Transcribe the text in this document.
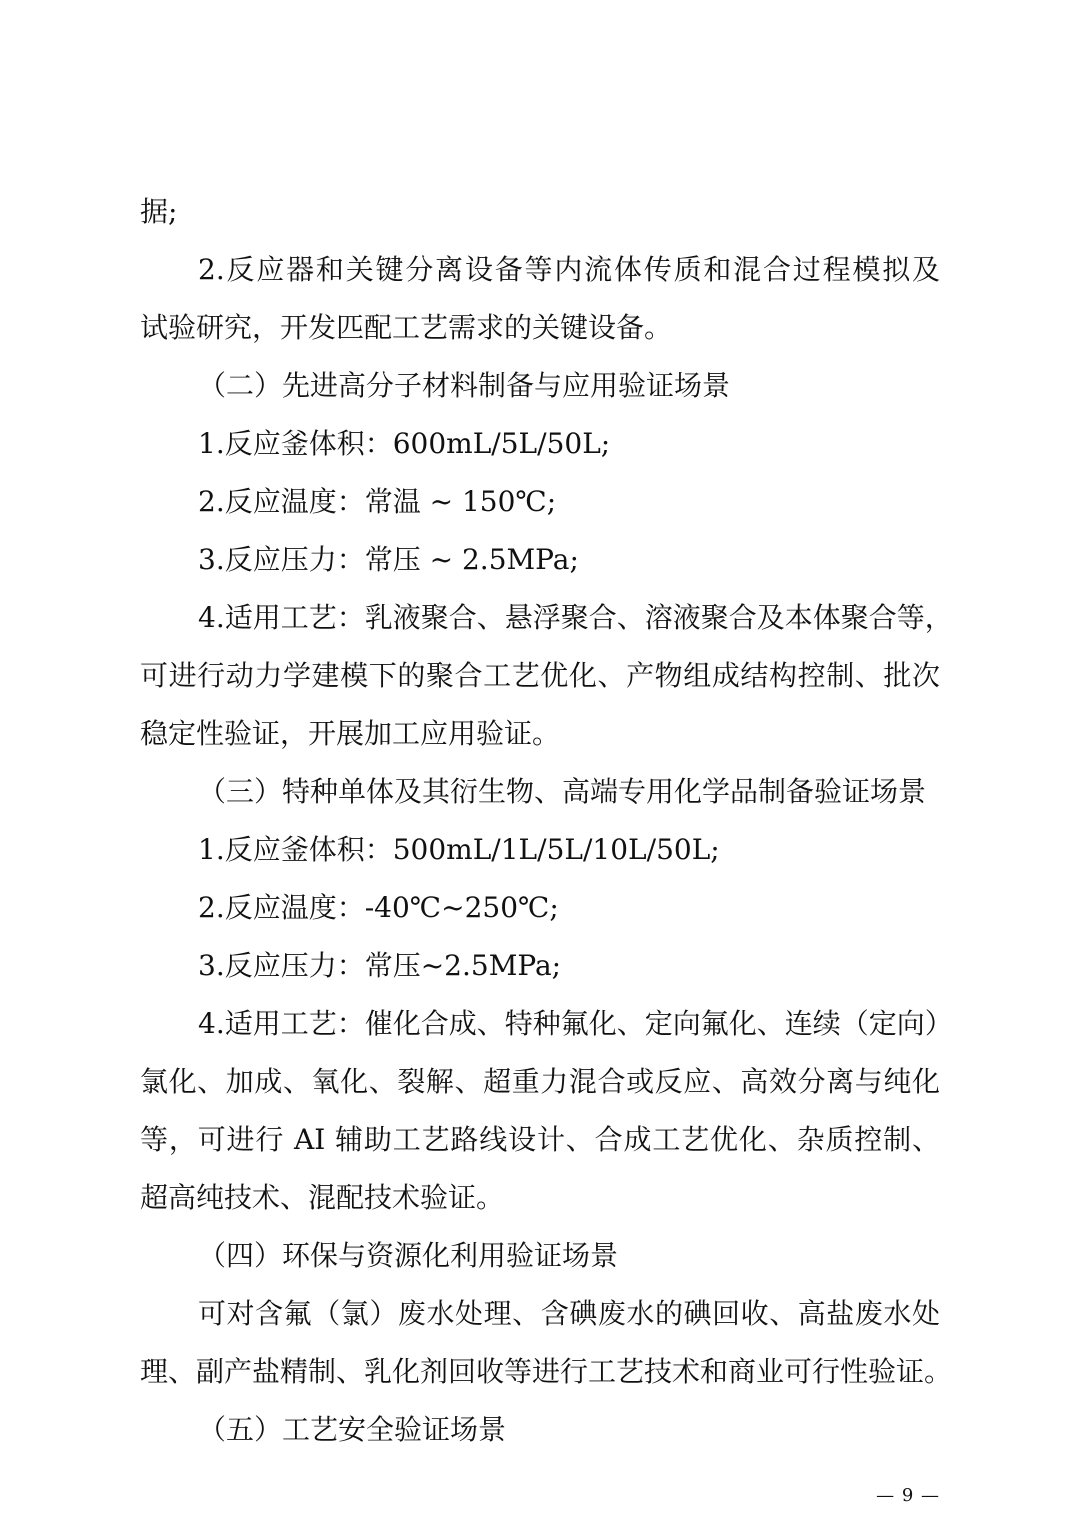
据;
2.反应器和关键分离设备等内流体传质和混合过程模拟及
试验研究，开发匹配工艺需求的关键设备。
（二）先进高分子材料制备与应用验证场景
1.反应釜体积：600mL/5L/50L;
2.反应温度：常温 ~ 150℃;
3.反应压力：常压 ~ 2.5MPa;
4.适用工艺：乳液聚合、悬浮聚合、溶液聚合及本体聚合等，
可进行动力学建模下的聚合工艺优化、产物组成结构控制、批次
稳定性验证，开展加工应用验证。
（三）特种单体及其衍生物、高端专用化学品制备验证场景
1.反应釜体积：500mL/1L/5L/10L/50L;
2.反应温度：-40℃~250℃;
3.反应压力：常压~2.5MPa;
4.适用工艺：催化合成、特种氟化、定向氟化、连续（定向）
氯化、加成、氧化、裂解、超重力混合或反应、高效分离与纯化
等，可进行 AI 辅助工艺路线设计、合成工艺优化、杂质控制、
超高纯技术、混配技术验证。
（四）环保与资源化利用验证场景
可对含氟（氯）废水处理、含碘废水的碘回收、高盐废水处
理、副产盐精制、乳化剂回收等进行工艺技术和商业可行性验证。
（五）工艺安全验证场景
— 9 —
